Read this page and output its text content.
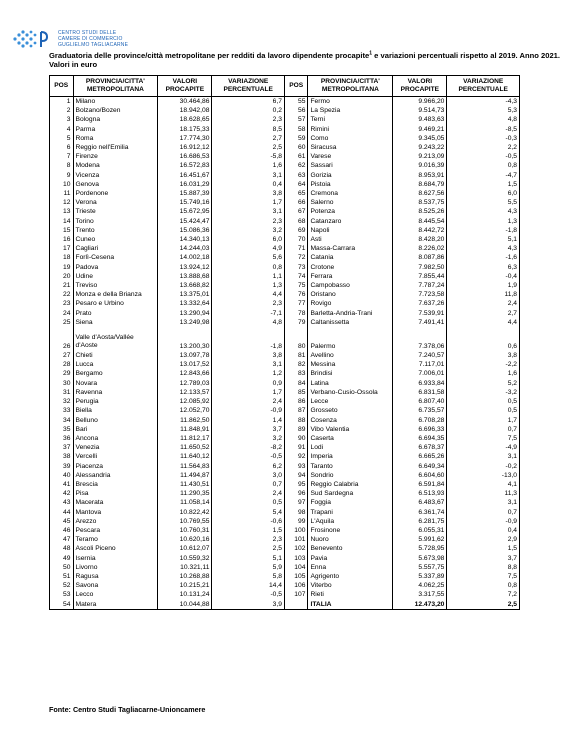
CENTRO STUDI DELLE
CAMERE DI COMMERCIO
GUGLIELMO TAGLIACARNE
Graduatoria delle province/città metropolitane per redditi da lavoro dipendente procapite$^1$ e variazioni percentuali rispetto al 2019. Anno 2021. Valori in euro
POS	PROVINCIA/CITTA' METROPOLITANA	VALORI PROCAPITE	VARIAZIONE PERCENTUALE	POS	PROVINCIA/CITTA' METROPOLITANA	VALORI PROCAPITE	VARIAZIONE PERCENTUALE
1	Milano	30.464,86	6,7	55	Fermo	9.966,20	-4,3
2	Bolzano/Bozen	18.942,08	0,2	56	La Spezia	9.514,73	5,3
3	Bologna	18.628,65	2,3	57	Terni	9.483,63	4,8
4	Parma	18.175,33	8,5	58	Rimini	9.469,21	-8,5
5	Roma	17.774,30	2,7	59	Como	9.345,05	-0,3
6	Reggio nell'Emilia	16.912,12	2,5	60	Siracusa	9.243,22	2,2
7	Firenze	16.686,53	-5,8	61	Varese	9.213,09	-0,5
8	Modena	16.572,83	1,6	62	Sassari	9.016,39	0,8
9	Vicenza	16.451,67	3,1	63	Gorizia	8.953,91	-4,7
10	Genova	16.031,29	0,4	64	Pistoia	8.684,79	1,5
11	Pordenone	15.887,39	3,8	65	Cremona	8.627,56	6,0
12	Verona	15.749,16	1,7	66	Salerno	8.537,75	5,5
13	Trieste	15.672,95	3,1	67	Potenza	8.525,26	4,3
14	Torino	15.424,47	2,3	68	Catanzaro	8.445,54	1,3
15	Trento	15.086,36	3,2	69	Napoli	8.442,72	-1,8
16	Cuneo	14.340,13	6,0	70	Asti	8.428,20	5,1
17	Cagliari	14.244,03	4,9	71	Massa-Carrara	8.226,02	4,3
18	Forlì-Cesena	14.002,18	5,6	72	Catania	8.087,86	-1,6
19	Padova	13.924,12	0,8	73	Crotone	7.982,50	6,3
20	Udine	13.888,68	1,1	74	Ferrara	7.855,44	-0,4
21	Treviso	13.668,82	1,3	75	Campobasso	7.787,24	1,9
22	Monza e della Brianza	13.375,01	4,4	76	Oristano	7.723,58	11,8
23	Pesaro e Urbino	13.332,64	2,3	77	Rovigo	7.637,26	2,4
24	Prato	13.290,94	-7,1	78	Barletta-Andria-Trani	7.539,91	2,7
25	Siena	13.249,98	4,8	79	Caltanissetta	7.491,41	4,4
26	Valle d'Aosta/Vallée d'Aoste	13.200,30	-1,8	80	Palermo	7.378,06	0,6
27	Chieti	13.097,78	3,8	81	Avellino	7.240,57	3,8
28	Lucca	13.017,52	3,1	82	Messina	7.117,01	-2,2
29	Bergamo	12.843,66	1,2	83	Brindisi	7.006,01	1,6
30	Novara	12.789,03	0,9	84	Latina	6.933,84	5,2
31	Ravenna	12.133,57	1,7	85	Verbano-Cusio-Ossola	6.831,58	-3,2
32	Perugia	12.085,92	2,4	86	Lecce	6.807,40	0,5
33	Biella	12.052,70	-0,9	87	Grosseto	6.735,57	0,5
34	Belluno	11.862,50	1,4	88	Cosenza	6.708,28	1,7
35	Bari	11.848,91	3,7	89	Vibo Valentia	6.696,33	0,7
36	Ancona	11.812,17	3,2	90	Caserta	6.694,35	7,5
37	Venezia	11.650,52	-8,2	91	Lodi	6.678,37	-4,9
38	Vercelli	11.640,12	-0,5	92	Imperia	6.665,26	3,1
39	Piacenza	11.564,83	6,2	93	Taranto	6.649,34	-0,2
40	Alessandria	11.494,87	3,0	94	Sondrio	6.604,60	-13,0
41	Brescia	11.430,51	0,7	95	Reggio Calabria	6.591,84	4,1
42	Pisa	11.290,35	2,4	96	Sud Sardegna	6.513,93	11,3
43	Macerata	11.058,14	0,5	97	Foggia	6.483,67	3,1
44	Mantova	10.822,42	5,4	98	Trapani	6.361,74	0,7
45	Arezzo	10.769,55	-0,6	99	L'Aquila	6.281,75	-0,9
46	Pescara	10.760,31	1,5	100	Frosinone	6.055,31	0,4
47	Teramo	10.620,16	2,3	101	Nuoro	5.991,62	2,9
48	Ascoli Piceno	10.612,07	2,5	102	Benevento	5.728,95	1,5
49	Isernia	10.559,32	5,1	103	Pavia	5.673,98	3,7
50	Livorno	10.321,11	5,9	104	Enna	5.557,75	8,8
51	Ragusa	10.268,88	5,8	105	Agrigento	5.337,89	7,5
52	Savona	10.215,21	14,4	106	Viterbo	4.062,25	0,8
53	Lecco	10.131,24	-0,5	107	Rieti	3.317,55	7,2
54	Matera	10.044,88	3,9		ITALIA	12.473,20	2,5
Fonte: Centro Studi Tagliacarne-Unioncamere
